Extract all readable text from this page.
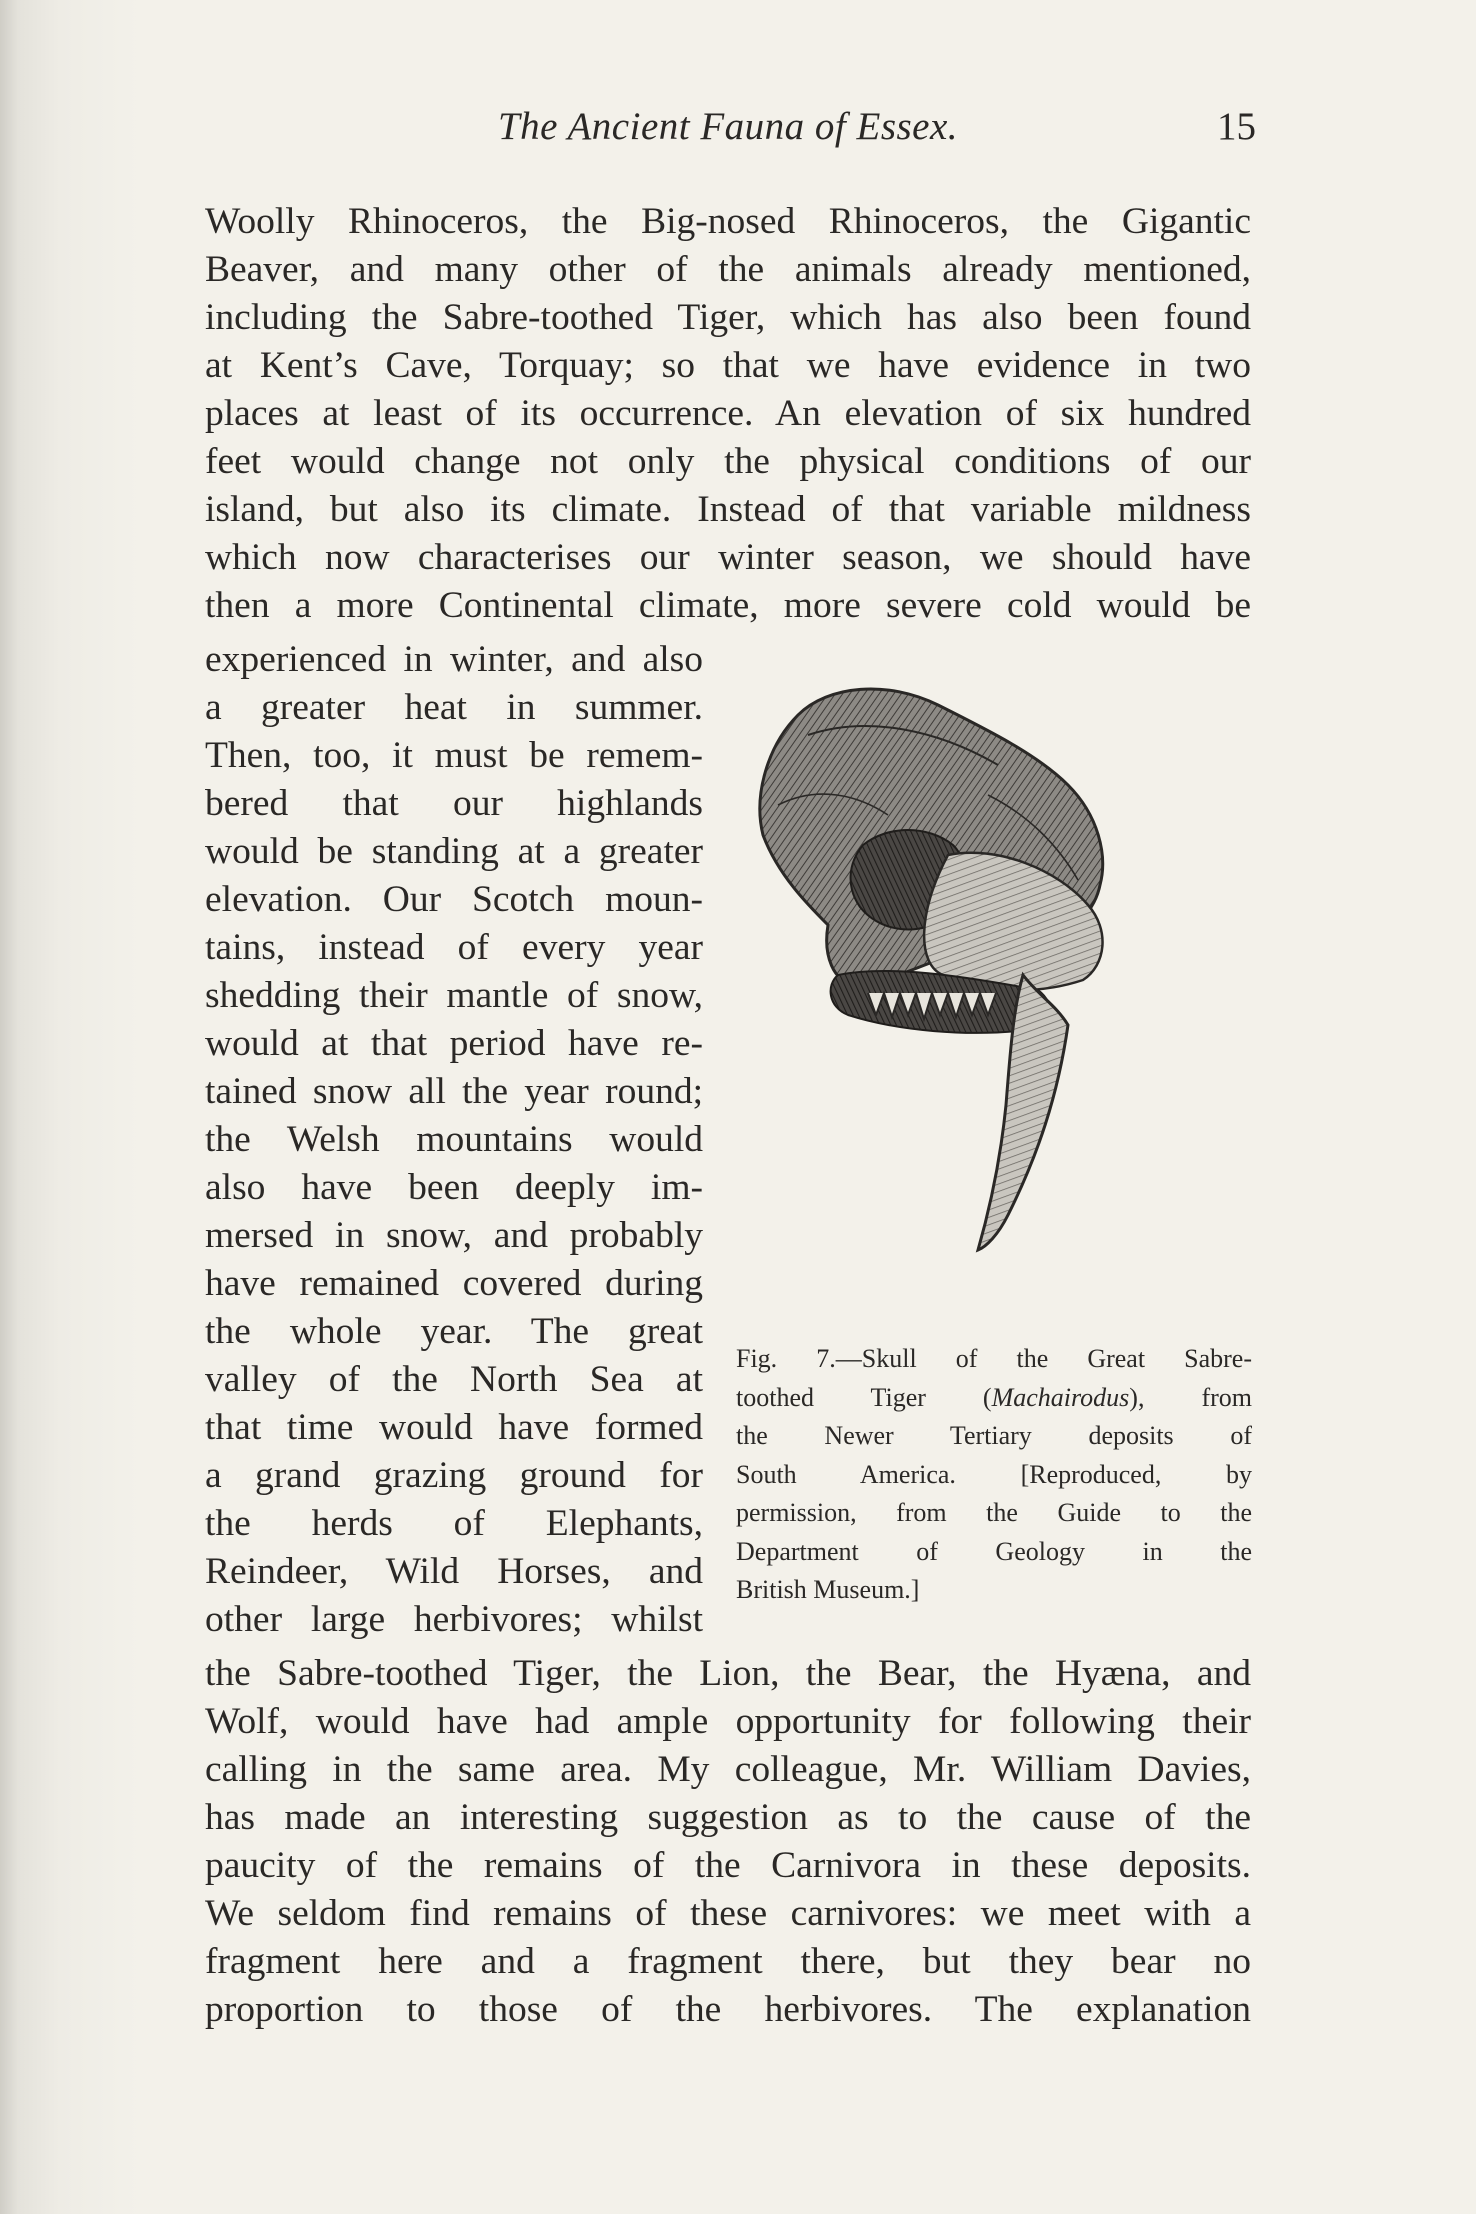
The Ancient Fauna of Essex.	15
Woolly Rhinoceros, the Big-nosed Rhinoceros, the Gigantic
Beaver, and many other of the animals already mentioned,
including the Sabre-toothed Tiger, which has also been found
at Kent’s Cave, Torquay; so that we have evidence in two
places at least of its occurrence. An elevation of six hundred
feet would change not only the physical conditions of our
island, but also its climate. Instead of that variable mildness
which now characterises our winter season, we should have
then a more Continental climate, more severe cold would be
experienced in winter, and also
a greater heat in summer.
Then, too, it must be remem-
bered that our highlands
would be standing at a greater
elevation. Our Scotch moun-
tains, instead of every year
shedding their mantle of snow,
would at that period have re-
tained snow all the year round;
the Welsh mountains would
also have been deeply im-
mersed in snow, and probably
have remained covered during
the whole year. The great
valley of the North Sea at
that time would have formed
a grand grazing ground for
the herds of Elephants,
Reindeer, Wild Horses, and
other large herbivores; whilst
the Sabre-toothed Tiger, the Lion, the Bear, the Hyæna, and
Wolf, would have had ample opportunity for following their
calling in the same area. My colleague, Mr. William Davies,
has made an interesting suggestion as to the cause of the
paucity of the remains of the Carnivora in these deposits.
We seldom find remains of these carnivores: we meet with a
fragment here and a fragment there, but they bear no
proportion to those of the herbivores. The explanation
Fig. 7.—Skull of the Great Sabre-
toothed Tiger (Machairodus), from
the Newer Tertiary deposits of
South America. [Reproduced, by
permission, from the Guide to the
Department of Geology in the
British Museum.]
